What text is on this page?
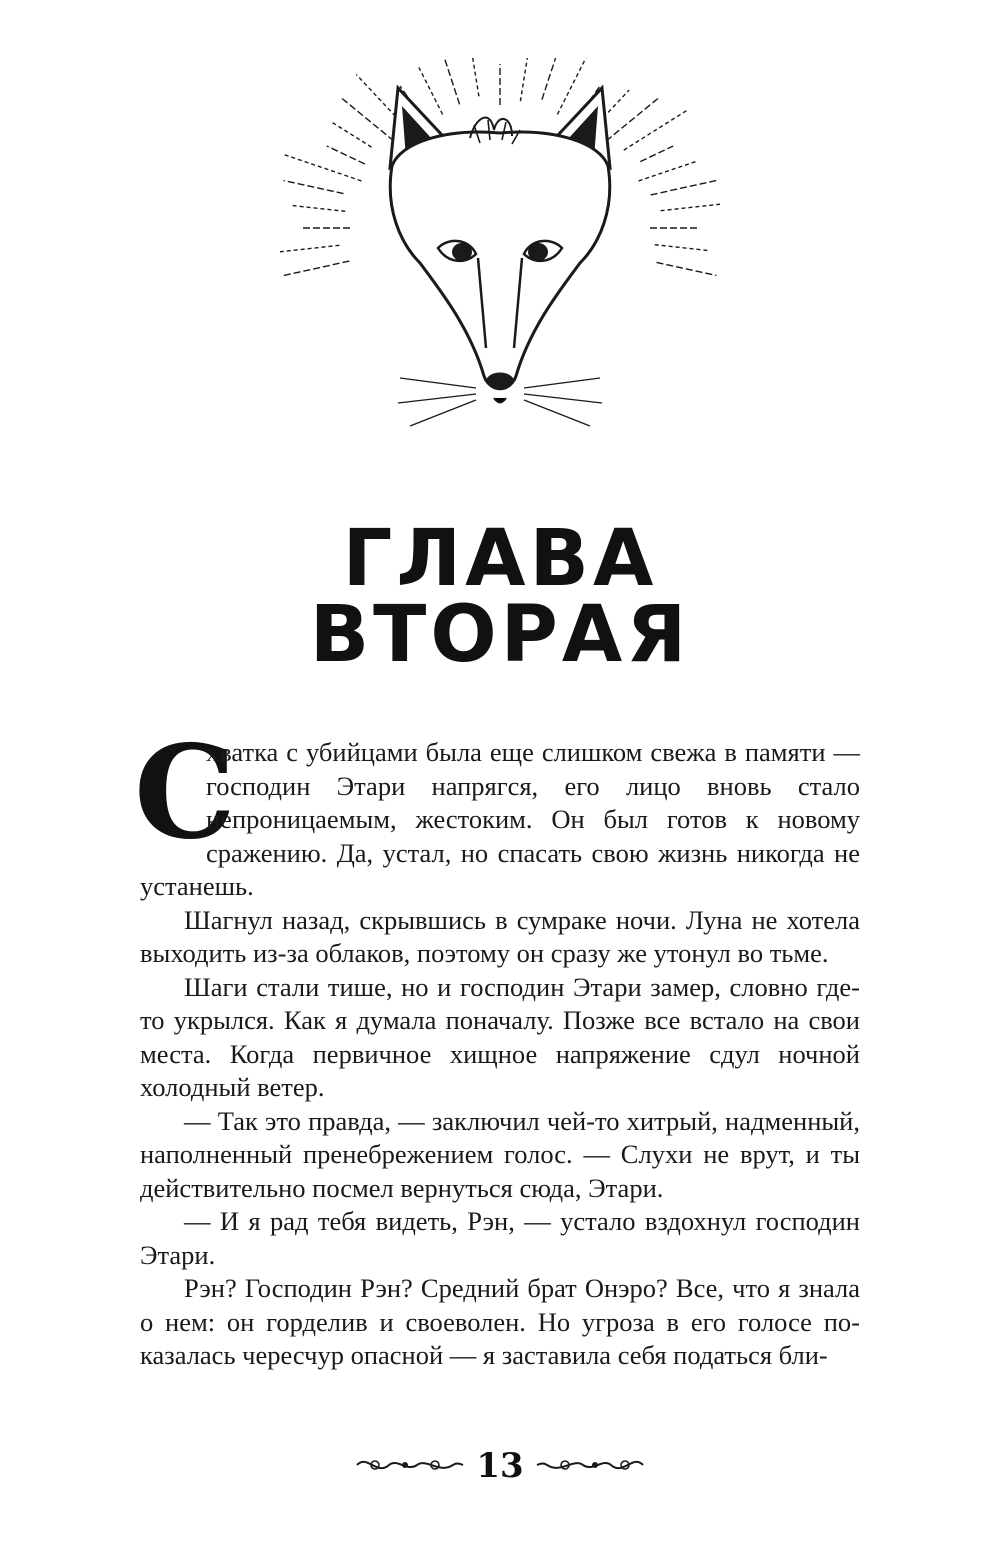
ГЛАВА
ВТОРАЯ

С
хватка с убийцами была еще слишком свежа в памяти — господин Этари напрягся, его лицо вновь стало непроницаемым, жестоким. Он был готов к новому сражению. Да, устал, но спасать свою жизнь никогда не устанешь.

Шагнул назад, скрывшись в сумраке ночи. Луна не хотела выходить из-за облаков, поэтому он сразу же утонул во тьме.

Шаги стали тише, но и господин Этари замер, словно где-то укрылся. Как я думала поначалу. Позже все встало на свои места. Когда первичное хищное напряжение сдул ночной холодный ветер.

— Так это правда, — заключил чей-то хитрый, надменный, наполненный пренебрежением голос. — Слухи не врут, и ты действительно посмел вернуться сюда, Этари.

— И я рад тебя видеть, Рэн, — устало вздохнул господин Этари.

Рэн? Господин Рэн? Средний брат Онэро? Все, что я знала о нем: он горделив и своеволен. Но угроза в его голосе показалась чересчур опасной — я заставила себя податься бли-

13
